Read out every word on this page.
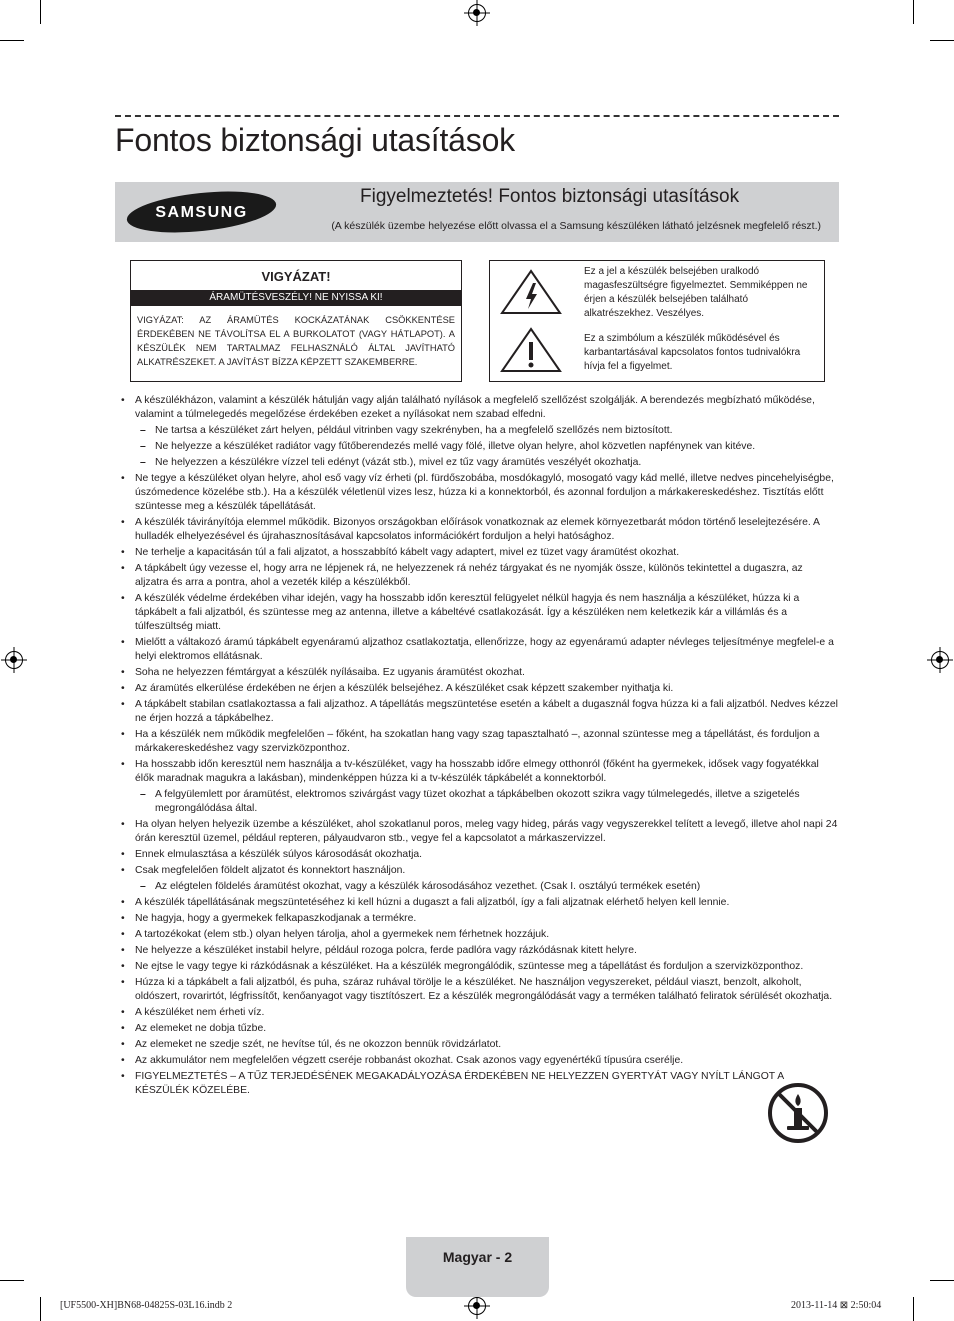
Fontos biztonsági utasítások
SAMSUNG
Figyelmeztetés! Fontos biztonsági utasítások
(A készülék üzembe helyezése előtt olvassa el a Samsung készüléken látható jelzésnek megfelelő részt.)
VIGYÁZAT!
ÁRAMÜTÉSVESZÉLY! NE NYISSA KI!
VIGYÁZAT: AZ ÁRAMÜTÉS KOCKÁZATÁNAK CSÖKKENTÉSE ÉRDEKÉBEN NE TÁVOLÍTSA EL A BURKOLATOT (VAGY HÁTLAPOT). A KÉSZÜLÉK NEM TARTALMAZ FELHASZNÁLÓ ÁLTAL JAVÍTHATÓ ALKATRÉSZEKET. A JAVÍTÁST BÍZZA KÉPZETT SZAKEMBERRE.
Ez a jel a készülék belsejében uralkodó magasfeszültségre figyelmeztet. Semmiképpen ne érjen a készülék belsejében található alkatrészekhez. Veszélyes.
Ez a szimbólum a készülék működésével és karbantartásával kapcsolatos fontos tudnivalókra hívja fel a figyelmet.
• A készülékházon, valamint a készülék hátulján vagy alján található nyílások a megfelelő szellőzést szolgálják. A berendezés megbízható működése, valamint a túlmelegedés megelőzése érdekében ezeket a nyílásokat nem szabad elfedni.
– Ne tartsa a készüléket zárt helyen, például vitrinben vagy szekrényben, ha a megfelelő szellőzés nem biztosított.
– Ne helyezze a készüléket radiátor vagy fűtőberendezés mellé vagy fölé, illetve olyan helyre, ahol közvetlen napfénynek van kitéve.
– Ne helyezzen a készülékre vízzel teli edényt (vázát stb.), mivel ez tűz vagy áramütés veszélyét okozhatja.
• Ne tegye a készüléket olyan helyre, ahol eső vagy víz érheti (pl. fürdőszobába, mosdókagyló, mosogató vagy kád mellé, illetve nedves pincehelyiségbe, úszómedence közelébe stb.). Ha a készülék véletlenül vizes lesz, húzza ki a konnektorból, és azonnal forduljon a márkakereskedéshez. Tisztítás előtt szüntesse meg a készülék tápellátását.
• A készülék távirányítója elemmel működik. Bizonyos országokban előírások vonatkoznak az elemek környezetbarát módon történő leselejtezésére. A hulladék elhelyezésével és újrahasznosításával kapcsolatos információkért forduljon a helyi hatósághoz.
• Ne terhelje a kapacitásán túl a fali aljzatot, a hosszabbító kábelt vagy adaptert, mivel ez tüzet vagy áramütést okozhat.
• A tápkábelt úgy vezesse el, hogy arra ne lépjenek rá, ne helyezzenek rá nehéz tárgyakat és ne nyomják össze, különös tekintettel a dugaszra, az aljzatra és arra a pontra, ahol a vezeték kilép a készülékből.
• A készülék védelme érdekében vihar idején, vagy ha hosszabb időn keresztül felügyelet nélkül hagyja és nem használja a készüléket, húzza ki a tápkábelt a fali aljzatból, és szüntesse meg az antenna, illetve a kábeltévé csatlakozását. Így a készüléken nem keletkezik kár a villámlás és a túlfeszültség miatt.
• Mielőtt a váltakozó áramú tápkábelt egyenáramú aljzathoz csatlakoztatja, ellenőrizze, hogy az egyenáramú adapter névleges teljesítménye megfelel-e a helyi elektromos ellátásnak.
• Soha ne helyezzen fémtárgyat a készülék nyílásaiba. Ez ugyanis áramütést okozhat.
• Az áramütés elkerülése érdekében ne érjen a készülék belsejéhez. A készüléket csak képzett szakember nyithatja ki.
• A tápkábelt stabilan csatlakoztassa a fali aljzathoz. A tápellátás megszüntetése esetén a kábelt a dugasznál fogva húzza ki a fali aljzatból. Nedves kézzel ne érjen hozzá a tápkábelhez.
• Ha a készülék nem működik megfelelően – főként, ha szokatlan hang vagy szag tapasztalható –, azonnal szüntesse meg a tápellátást, és forduljon a márkakereskedéshez vagy szervizközponthoz.
• Ha hosszabb időn keresztül nem használja a tv-készüléket, vagy ha hosszabb időre elmegy otthonról (főként ha gyermekek, idősek vagy fogyatékkal élők maradnak magukra a lakásban), mindenképpen húzza ki a tv-készülék tápkábelét a konnektorból.
– A felgyülemlett por áramütést, elektromos szivárgást vagy tüzet okozhat a tápkábelben okozott szikra vagy túlmelegedés, illetve a szigetelés megrongálódása által.
• Ha olyan helyen helyezik üzembe a készüléket, ahol szokatlanul poros, meleg vagy hideg, párás vagy vegyszerekkel telített a levegő, illetve ahol napi 24 órán keresztül üzemel, például repteren, pályaudvaron stb., vegye fel a kapcsolatot a márkaszervizzel.
• Ennek elmulasztása a készülék súlyos károsodását okozhatja.
• Csak megfelelően földelt aljzatot és konnektort használjon.
– Az elégtelen földelés áramütést okozhat, vagy a készülék károsodásához vezethet. (Csak I. osztályú termékek esetén)
• A készülék tápellátásának megszüntetéséhez ki kell húzni a dugaszt a fali aljzatból, így a fali aljzatnak elérhető helyen kell lennie.
• Ne hagyja, hogy a gyermekek felkapaszkodjanak a termékre.
• A tartozékokat (elem stb.) olyan helyen tárolja, ahol a gyermekek nem férhetnek hozzájuk.
• Ne helyezze a készüléket instabil helyre, például rozoga polcra, ferde padlóra vagy rázkódásnak kitett helyre.
• Ne ejtse le vagy tegye ki rázkódásnak a készüléket. Ha a készülék megrongálódik, szüntesse meg a tápellátást és forduljon a szervizközponthoz.
• Húzza ki a tápkábelt a fali aljzatból, és puha, száraz ruhával törölje le a készüléket. Ne használjon vegyszereket, például viaszt, benzolt, alkoholt, oldószert, rovarirtót, légfrissítőt, kenőanyagot vagy tisztítószert. Ez a készülék megrongálódását vagy a terméken található feliratok sérülését okozhatja.
• A készüléket nem érheti víz.
• Az elemeket ne dobja tűzbe.
• Az elemeket ne szedje szét, ne hevítse túl, és ne okozzon bennük rövidzárlatot.
• Az akkumulátor nem megfelelően végzett cseréje robbanást okozhat. Csak azonos vagy egyenértékű típusúra cserélje.
• FIGYELMEZTETÉS – A TŰZ TERJEDÉSÉNEK MEGAKADÁLYOZÁSA ÉRDEKÉBEN NE HELYEZZEN GYERTYÁT VAGY NYÍLT LÁNGOT A KÉSZÜLÉK KÖZELÉBE.
Magyar - 2
[UF5500-XH]BN68-04825S-03L16.indb 2	2013-11-14 ⊠ 2:50:04
